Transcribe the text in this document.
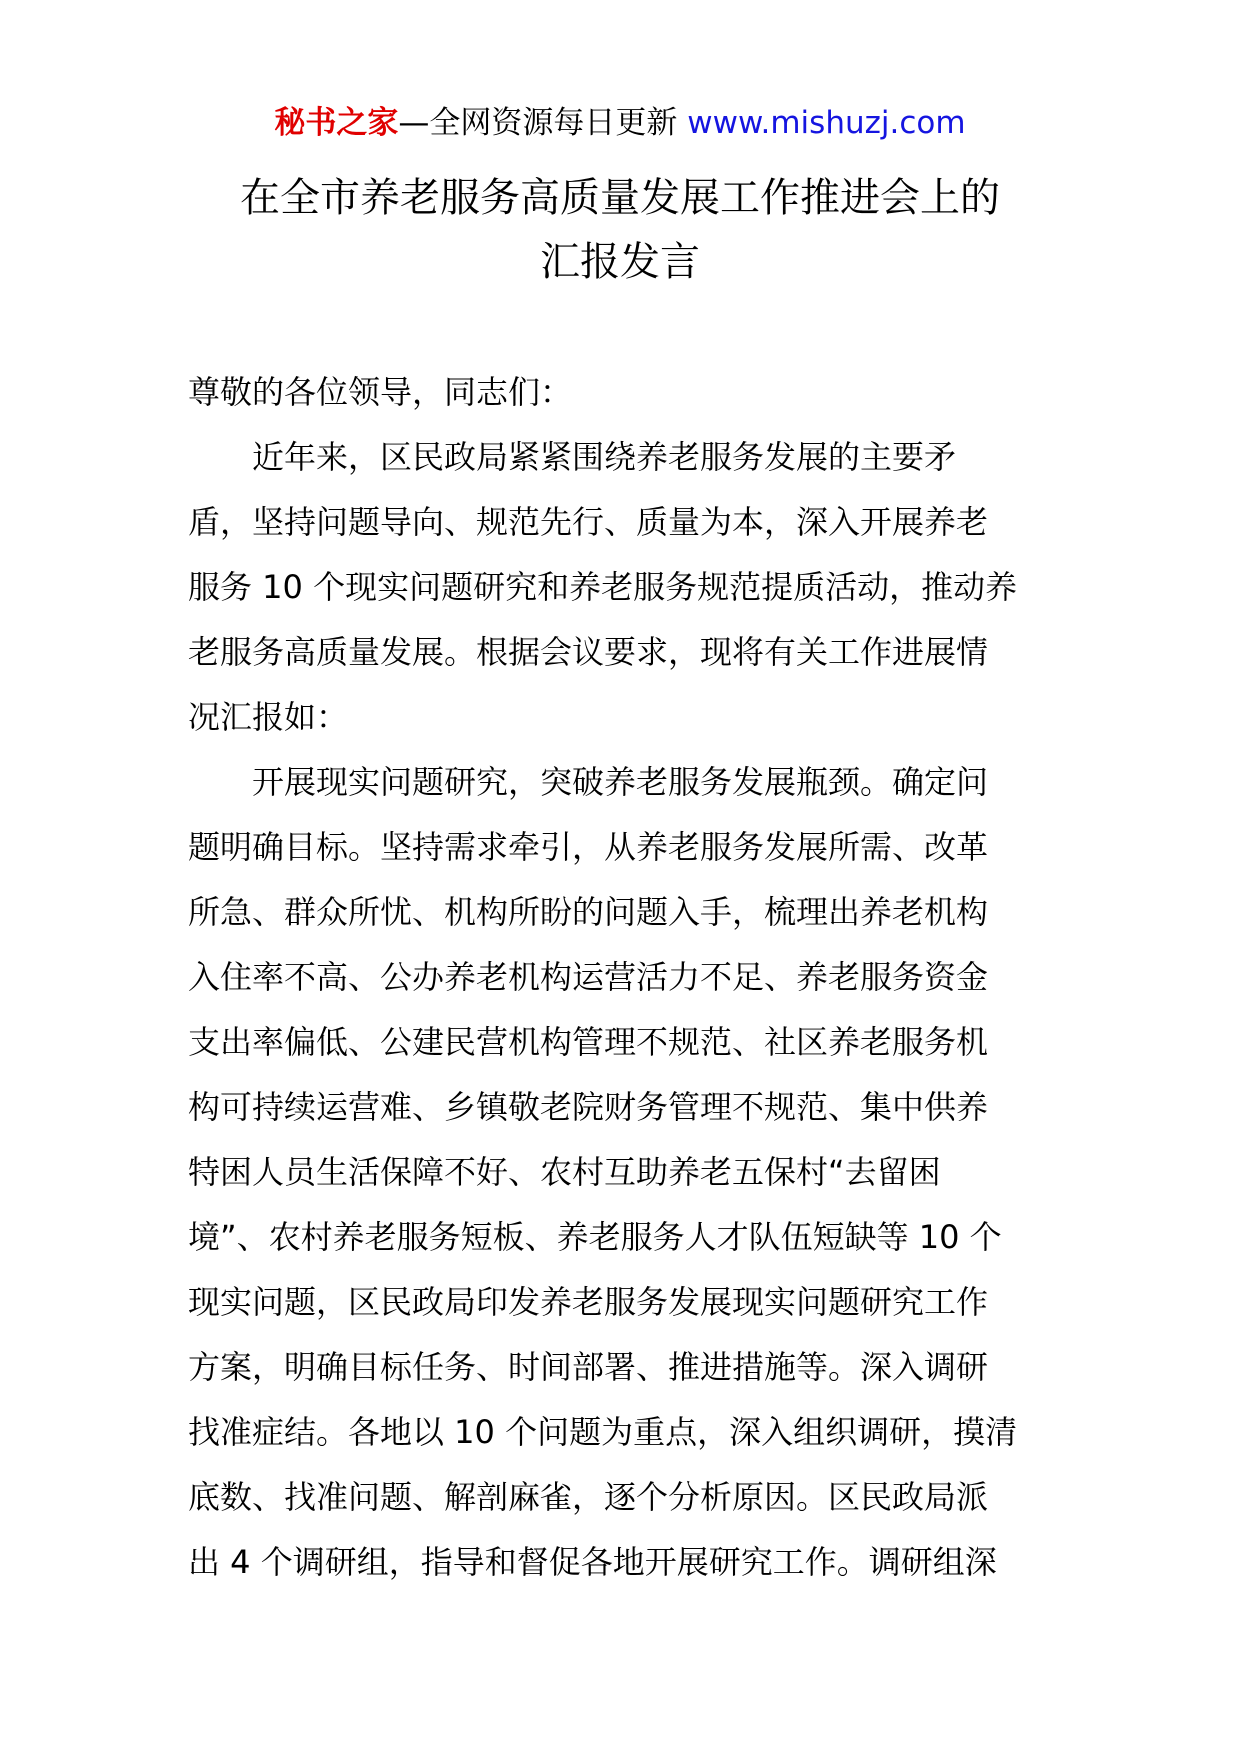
秘书之家—全网资源每日更新 www.mishuzj.com
在全市养老服务高质量发展工作推进会上的
汇报发言
尊敬的各位领导，同志们：
近年来，区民政局紧紧围绕养老服务发展的主要矛
盾，坚持问题导向、规范先行、质量为本，深入开展养老
服务 10 个现实问题研究和养老服务规范提质活动，推动养
老服务高质量发展。根据会议要求，现将有关工作进展情
况汇报如：
开展现实问题研究，突破养老服务发展瓶颈。确定问
题明确目标。坚持需求牵引，从养老服务发展所需、改革
所急、群众所忧、机构所盼的问题入手，梳理出养老机构
入住率不高、公办养老机构运营活力不足、养老服务资金
支出率偏低、公建民营机构管理不规范、社区养老服务机
构可持续运营难、乡镇敬老院财务管理不规范、集中供养
特困人员生活保障不好、农村互助养老五保村“去留困
境”、农村养老服务短板、养老服务人才队伍短缺等 10 个
现实问题，区民政局印发养老服务发展现实问题研究工作
方案，明确目标任务、时间部署、推进措施等。深入调研
找准症结。各地以 10 个问题为重点，深入组织调研，摸清
底数、找准问题、解剖麻雀，逐个分析原因。区民政局派
出 4 个调研组，指导和督促各地开展研究工作。调研组深
